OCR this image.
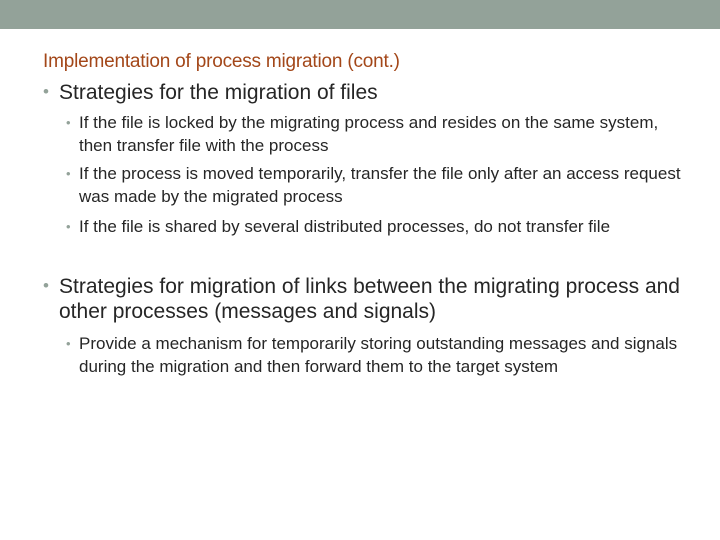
Implementation of process migration (cont.)
• Strategies for the migration of files
• If the file is locked by the migrating process and resides on the same system, then transfer file with the process
• If the process is moved temporarily, transfer the file only after an access request was made by the migrated process
• If the file is shared by several distributed processes, do not transfer file
• Strategies for migration of links between the migrating process and other processes (messages and signals)
• Provide a mechanism for temporarily storing outstanding messages and signals during the migration and then forward them to the target system
